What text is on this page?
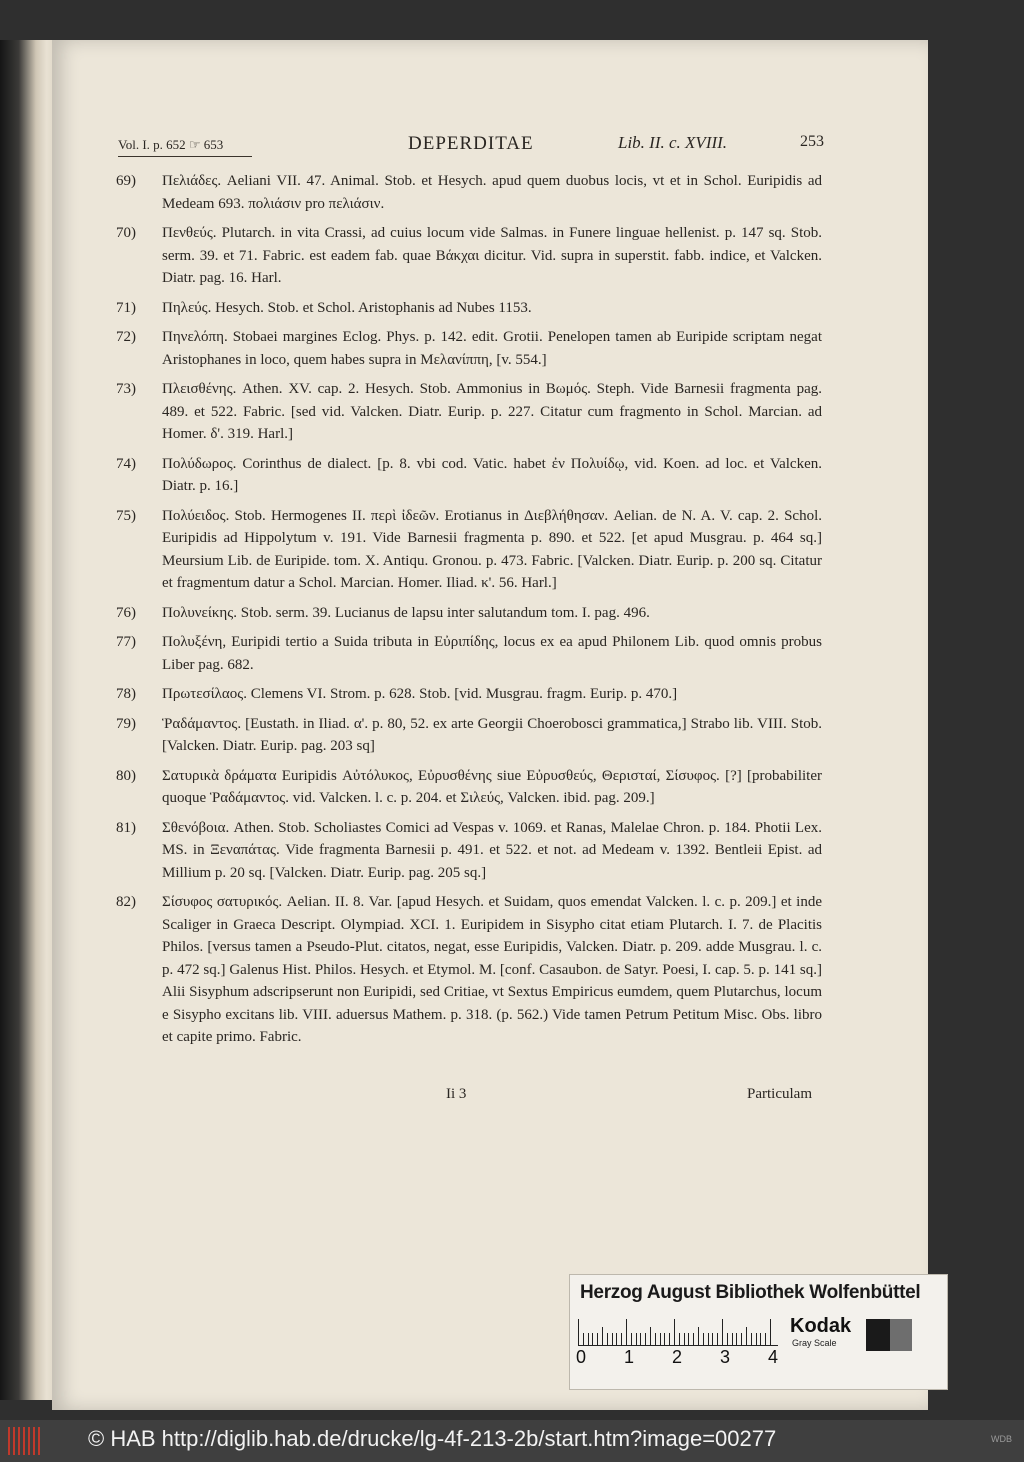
Vol. I. p. 652 ☞ 653	DEPERDITAE	Lib. II. c. XVIII.	253
69) Πελιάδες. Aeliani VII. 47. Animal. Stob. et Hesych. apud quem duobus locis, vt et in Schol. Euripidis ad Medeam 693. πολιάσιν pro πελιάσιν.
70) Πενθεύς. Plutarch. in vita Crassi, ad cuius locum vide Salmas. in Funere linguae hellenist. p. 147 sq. Stob. serm. 39. et 71. Fabric. est eadem fab. quae Βάκχαι dicitur. Vid. supra in superstit. fabb. indice, et Valcken. Diatr. pag. 16. Harl.
71) Πηλεύς. Hesych. Stob. et Schol. Aristophanis ad Nubes 1153.
72) Πηνελόπη. Stobaei margines Eclog. Phys. p. 142. edit. Grotii. Penelopen tamen ab Euripide scriptam negat Aristophanes in loco, quem habes supra in Μελανίππη, [v. 554.]
73) Πλεισθένης. Athen. XV. cap. 2. Hesych. Stob. Ammonius in Βωμός. Steph. Vide Barnesii fragmenta pag. 489. et 522. Fabric. [sed vid. Valcken. Diatr. Eurip. p. 227. Citatur cum fragmento in Schol. Marcian. ad Homer. δ'. 319. Harl.]
74) Πολύδωρος. Corinthus de dialect. [p. 8. vbi cod. Vatic. habet ἐν Πολυίδῳ, vid. Koen. ad loc. et Valcken. Diatr. p. 16.]
75) Πολύειδος. Stob. Hermogenes II. περὶ ἰδεῶν. Erotianus in Διεβλήθησαν. Aelian. de N. A. V. cap. 2. Schol. Euripidis ad Hippolytum v. 191. Vide Barnesii fragmenta p. 890. et 522. [et apud Musgrau. p. 464 sq.] Meursium Lib. de Euripide. tom. X. Antiqu. Gronou. p. 473. Fabric. [Valcken. Diatr. Eurip. p. 200 sq. Citatur et fragmentum datur a Schol. Marcian. Homer. Iliad. κ'. 56. Harl.]
76) Πολυνείκης. Stob. serm. 39. Lucianus de lapsu inter salutandum tom. I. pag. 496.
77) Πολυξένη, Euripidi tertio a Suida tributa in Εὐριπίδης, locus ex ea apud Philonem Lib. quod omnis probus Liber pag. 682.
78) Πρωτεσίλαος. Clemens VI. Strom. p. 628. Stob. [vid. Musgrau. fragm. Eurip. p. 470.]
79) Ῥαδάμαντος. [Eustath. in Iliad. α'. p. 80, 52. ex arte Georgii Choerobosci grammatica,] Strabo lib. VIII. Stob. [Valcken. Diatr. Eurip. pag. 203 sq]
80) Σατυρικὰ δράματα Euripidis Αὐτόλυκος, Εὐρυσθένης siue Εὐρυσθεύς, Θερισταί, Σίσυφος. [?] [probabiliter quoque Ῥαδάμαντος. vid. Valcken. l. c. p. 204. et Σιλεύς, Valcken. ibid. pag. 209.]
81) Σθενόβοια. Athen. Stob. Scholiastes Comici ad Vespas v. 1069. et Ranas, Malelae Chron. p. 184. Photii Lex. MS. in Ξεναπάτας. Vide fragmenta Barnesii p. 491. et 522. et not. ad Medeam v. 1392. Bentleii Epist. ad Millium p. 20 sq. [Valcken. Diatr. Eurip. pag. 205 sq.]
82) Σίσυφος σατυρικός. Aelian. II. 8. Var. [apud Hesych. et Suidam, quos emendat Valcken. l. c. p. 209.] et inde Scaliger in Graeca Descript. Olympiad. XCI. 1. Euripidem in Sisypho citat etiam Plutarch. I. 7. de Placitis Philos. [versus tamen a Pseudo-Plut. citatos, negat, esse Euripidis, Valcken. Diatr. p. 209. adde Musgrau. l. c. p. 472 sq.] Galenus Hist. Philos. Hesych. et Etymol. M. [conf. Casaubon. de Satyr. Poesi, I. cap. 5. p. 141 sq.] Alii Sisyphum adscripserunt non Euripidi, sed Critiae, vt Sextus Empiricus eumdem, quem Plutarchus, locum e Sisypho excitans lib. VIII. aduersus Mathem. p. 318. (p. 562.) Vide tamen Petrum Petitum Misc. Obs. libro et capite primo. Fabric.
Ii 3	Particulam
Herzog August Bibliothek Wolfenbüttel
Kodak
Gray Scale
0 1 2 3 4
© HAB http://diglib.hab.de/drucke/lg-4f-213-2b/start.htm?image=00277	WDB
